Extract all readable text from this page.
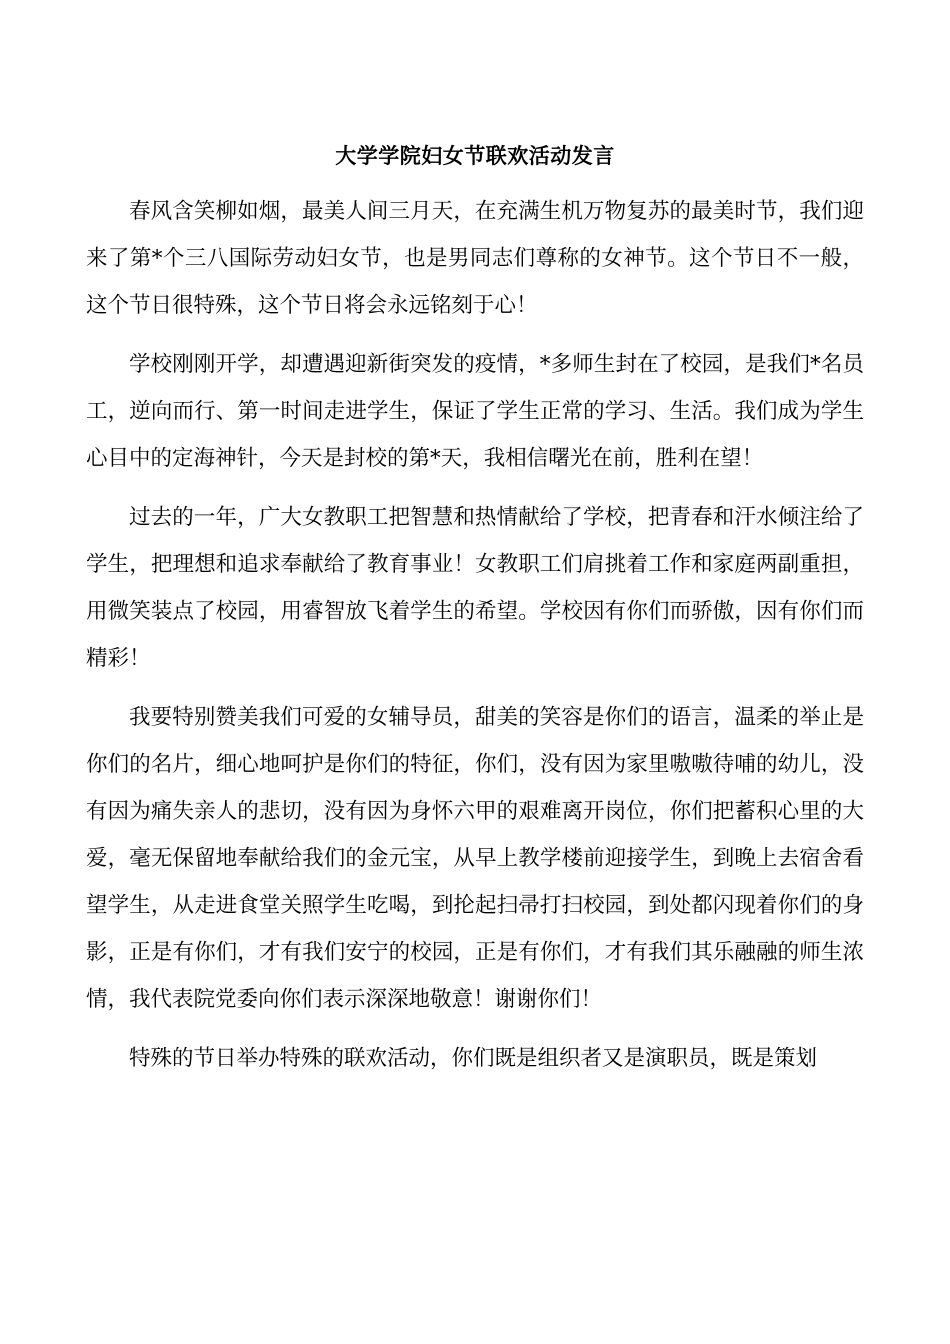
大学学院妇女节联欢活动发言

春风含笑柳如烟，最美人间三月天，在充满生机万物复苏的最美时节，我们迎来了第*个三八国际劳动妇女节，也是男同志们尊称的女神节。这个节日不一般，这个节日很特殊，这个节日将会永远铭刻于心！

学校刚刚开学，却遭遇迎新街突发的疫情，*多师生封在了校园，是我们*名员工，逆向而行、第一时间走进学生，保证了学生正常的学习、生活。我们成为学生心目中的定海神针，今天是封校的第*天，我相信曙光在前，胜利在望！

过去的一年，广大女教职工把智慧和热情献给了学校，把青春和汗水倾注给了学生，把理想和追求奉献给了教育事业！女教职工们肩挑着工作和家庭两副重担，用微笑装点了校园，用睿智放飞着学生的希望。学校因有你们而骄傲，因有你们而精彩！

我要特别赞美我们可爱的女辅导员，甜美的笑容是你们的语言，温柔的举止是你们的名片，细心地呵护是你们的特征，你们，没有因为家里嗷嗷待哺的幼儿，没有因为痛失亲人的悲切，没有因为身怀六甲的艰难离开岗位，你们把蓄积心里的大爱，毫无保留地奉献给我们的金元宝，从早上教学楼前迎接学生，到晚上去宿舍看望学生，从走进食堂关照学生吃喝，到抡起扫帚打扫校园，到处都闪现着你们的身影，正是有你们，才有我们安宁的校园，正是有你们，才有我们其乐融融的师生浓情，我代表院党委向你们表示深深地敬意！谢谢你们！

特殊的节日举办特殊的联欢活动，你们既是组织者又是演职员，既是策划
